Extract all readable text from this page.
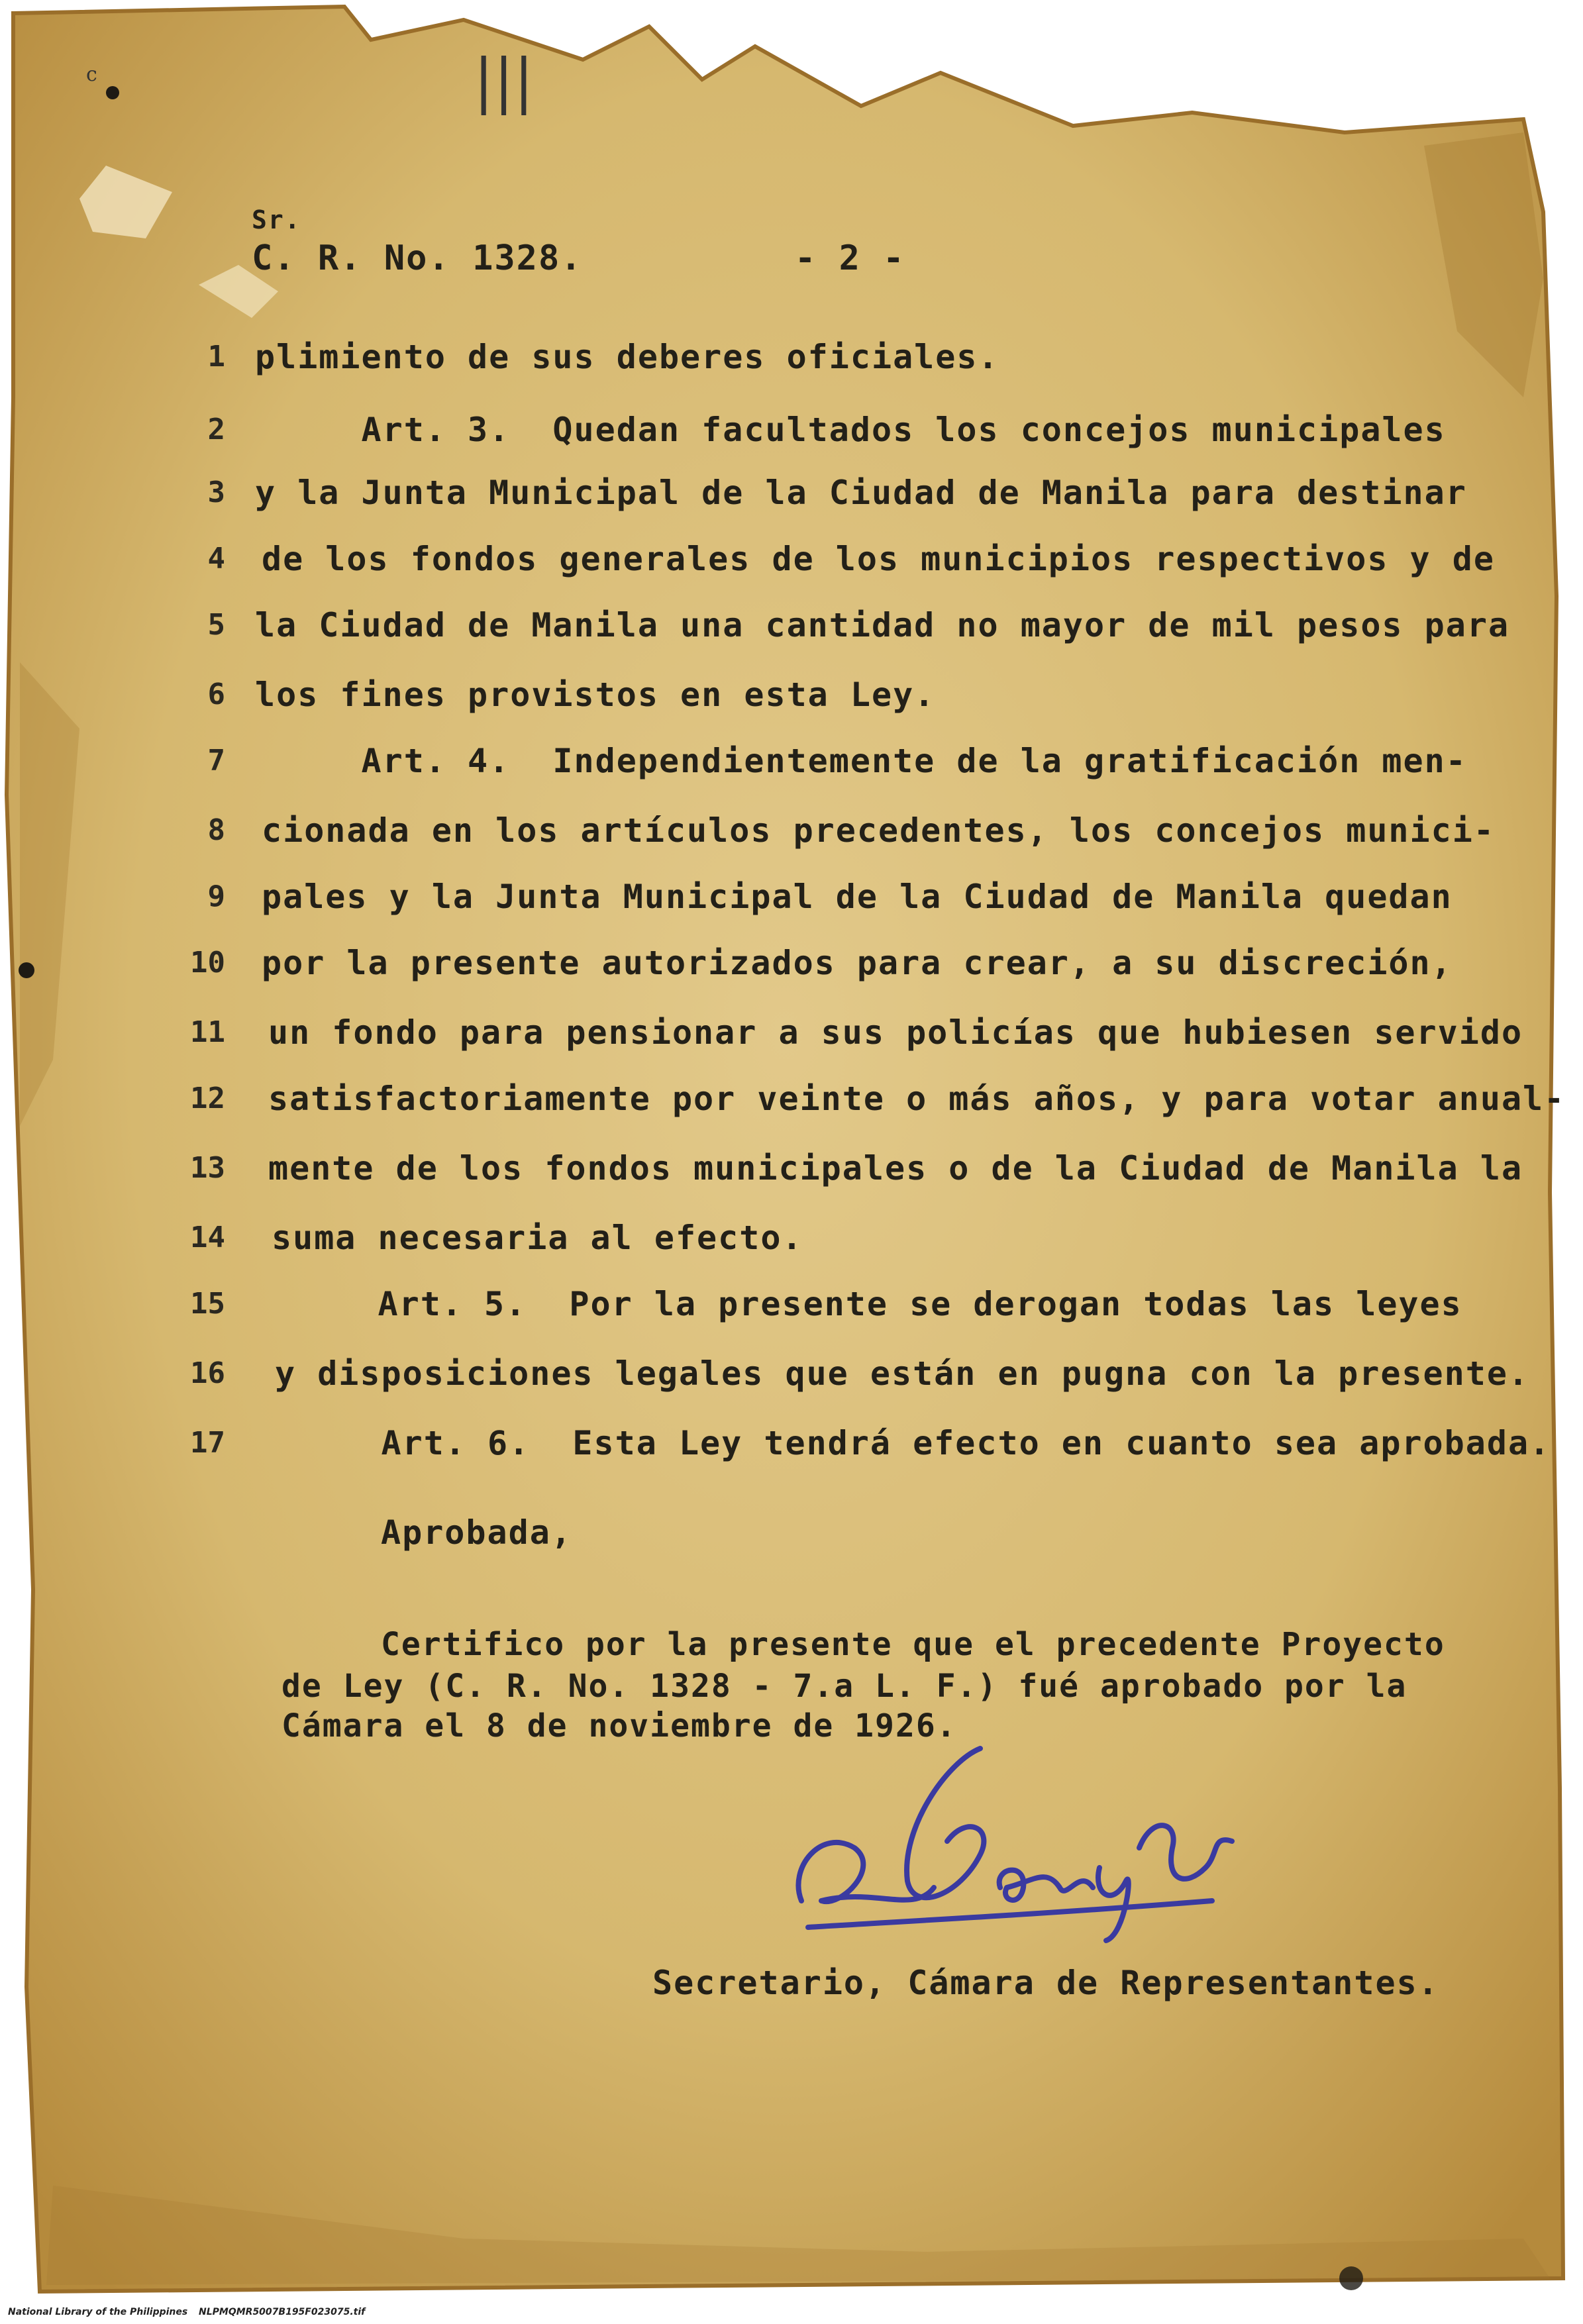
c	|||
Sr.
C. R. No. 1328.	- 2 -
1 plimiento de sus deberes oficiales.
2 Art. 3.  Quedan facultados los concejos municipales
3 y la Junta Municipal de la Ciudad de Manila para destinar
4 de los fondos generales de los municipios respectivos y de
5 la Ciudad de Manila una cantidad no mayor de mil pesos para
6 los fines provistos en esta Ley.
7 Art. 4.  Independientemente de la gratificación men-
8 cionada en los artículos precedentes, los concejos munici-
9 pales y la Junta Municipal de la Ciudad de Manila quedan
10 por la presente autorizados para crear, a su discreción,
11 un fondo para pensionar a sus policías que hubiesen servido
12 satisfactoriamente por veinte o más años, y para votar anual-
13 mente de los fondos municipales o de la Ciudad de Manila la
14 suma necesaria al efecto.
15 Art. 5.  Por la presente se derogan todas las leyes
16 y disposiciones legales que están en pugna con la presente.
17 Art. 6.  Esta Ley tendrá efecto en cuanto sea aprobada.
Aprobada,
Certifico por la presente que el precedente Proyecto
de Ley (C. R. No. 1328 - 7.a L. F.) fué aprobado por la
Cámara el 8 de noviembre de 1926.
Secretario, Cámara de Representantes.
National Library of the Philippines NLPMQMR5007B195F023075.tif
